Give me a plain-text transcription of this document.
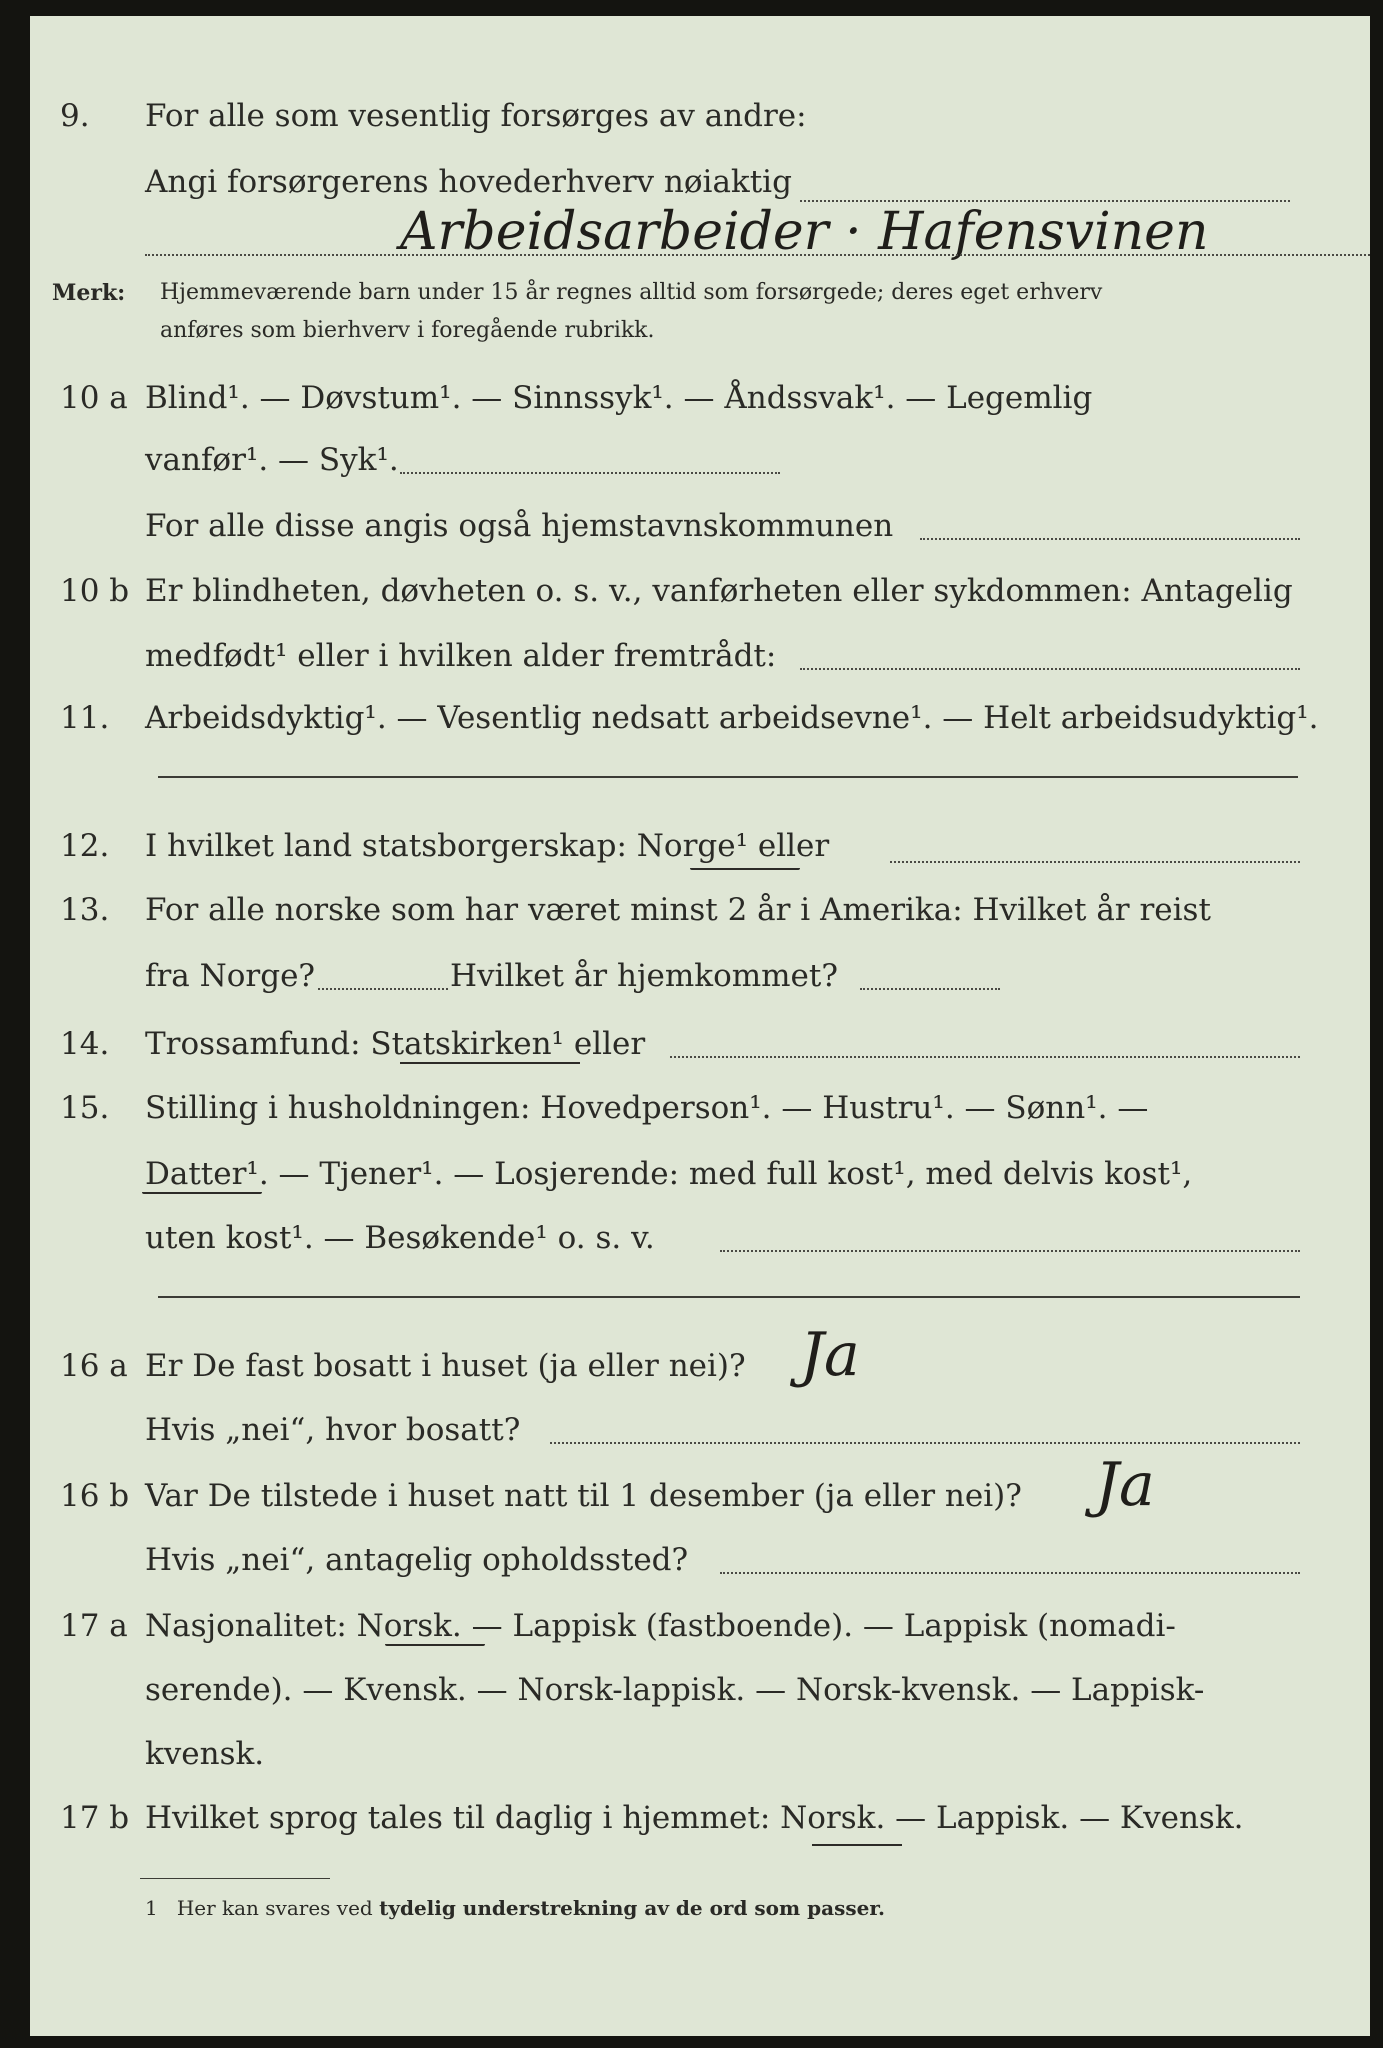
9. For alle som vesentlig forsørges av andre:
Angi forsørgerens hovederhverv nøiaktig
Arbeidsarbeider · Hafensvinen
Merk: Hjemmeværende barn under 15 år regnes alltid som forsørgede; deres eget erhverv
anføres som bierhverv i foregående rubrikk.
10 a Blind¹. — Døvstum¹. — Sinnssyk¹. — Åndssvak¹. — Legemlig
vanfør¹. — Syk¹.
For alle disse angis også hjemstavnskommunen
10 b Er blindheten, døvheten o. s. v., vanførheten eller sykdommen: Antagelig
medfødt¹ eller i hvilken alder fremtrådt:
11. Arbeidsdyktig¹. — Vesentlig nedsatt arbeidsevne¹. — Helt arbeidsudyktig¹.
12. I hvilket land statsborgerskap: Norge¹ eller
13. For alle norske som har været minst 2 år i Amerika: Hvilket år reist
fra Norge?	Hvilket år hjemkommet?
14. Trossamfund: Statskirken¹ eller
15. Stilling i husholdningen: Hovedperson¹. — Hustru¹. — Sønn¹. —
Datter¹. — Tjener¹. — Losjerende: med full kost¹, med delvis kost¹,
uten kost¹. — Besøkende¹ o. s. v.
16 a Er De fast bosatt i huset (ja eller nei)? Ja
Hvis „nei“, hvor bosatt?
16 b Var De tilstede i huset natt til 1 desember (ja eller nei)? Ja
Hvis „nei“, antagelig opholdssted?
17 a Nasjonalitet: Norsk. — Lappisk (fastboende). — Lappisk (nomadi-
serende). — Kvensk. — Norsk-lappisk. — Norsk-kvensk. — Lappisk-
kvensk.
17 b Hvilket sprog tales til daglig i hjemmet: Norsk. — Lappisk. — Kvensk.
1 Her kan svares ved tydelig understrekning av de ord som passer.
